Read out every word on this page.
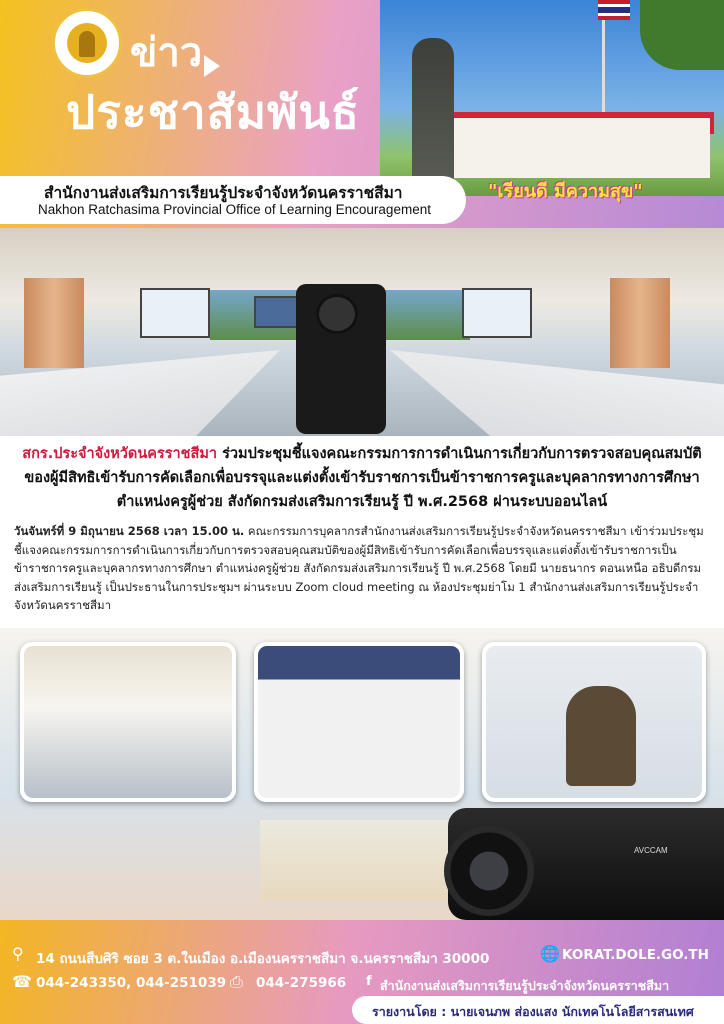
ข่าว
ประชาสัมพันธ์
สำนักงานส่งเสริมการเรียนรู้ประจำจังหวัดนครราชสีมา
Nakhon Ratchasima Provincial Office of Learning Encouragement
"เรียนดี มีความสุข"
สกร.ประจำจังหวัดนครราชสีมา ร่วมประชุมชี้แจงคณะกรรมการการดำเนินการเกี่ยวกับการตรวจสอบคุณสมบัติของผู้มีสิทธิเข้ารับการคัดเลือกเพื่อบรรจุและแต่งตั้งเข้ารับราชการเป็นข้าราชการครูและบุคลากรทางการศึกษา ตำแหน่งครูผู้ช่วย สังกัดกรมส่งเสริมการเรียนรู้ ปี พ.ศ.2568 ผ่านระบบออนไลน์
วันจันทร์ที่ 9 มิถุนายน 2568 เวลา 15.00 น. คณะกรรมการบุคลากรสำนักงานส่งเสริมการเรียนรู้ประจำจังหวัดนครราชสีมา เข้าร่วมประชุมชี้แจงคณะกรรมการการดำเนินการเกี่ยวกับการตรวจสอบคุณสมบัติของผู้มีสิทธิเข้ารับการคัดเลือกเพื่อบรรจุและแต่งตั้งเข้ารับราชการเป็นข้าราชการครูและบุคลากรทางการศึกษา ตำแหน่งครูผู้ช่วย สังกัดกรมส่งเสริมการเรียนรู้ ปี พ.ศ.2568 โดยมี นายธนากร ดอนเหนือ อธิบดีกรมส่งเสริมการเรียนรู้ เป็นประธานในการประชุมฯ ผ่านระบบ Zoom cloud meeting ณ ห้องประชุมย่าโม 1 สำนักงานส่งเสริมการเรียนรู้ประจำจังหวัดนครราชสีมา
AVCCAM
⚲ 14 ถนนสืบศิริ ซอย 3 ต.ในเมือง อ.เมืองนครราชสีมา จ.นครราชสีมา 30000	🌐 KORAT.DOLE.GO.TH
☎ 044-243350, 044-251039 ⎙ 044-275966 f สำนักงานส่งเสริมการเรียนรู้ประจำจังหวัดนครราชสีมา
รายงานโดย : นายเจนภพ ส่องแสง นักเทคโนโลยีสารสนเทศ
